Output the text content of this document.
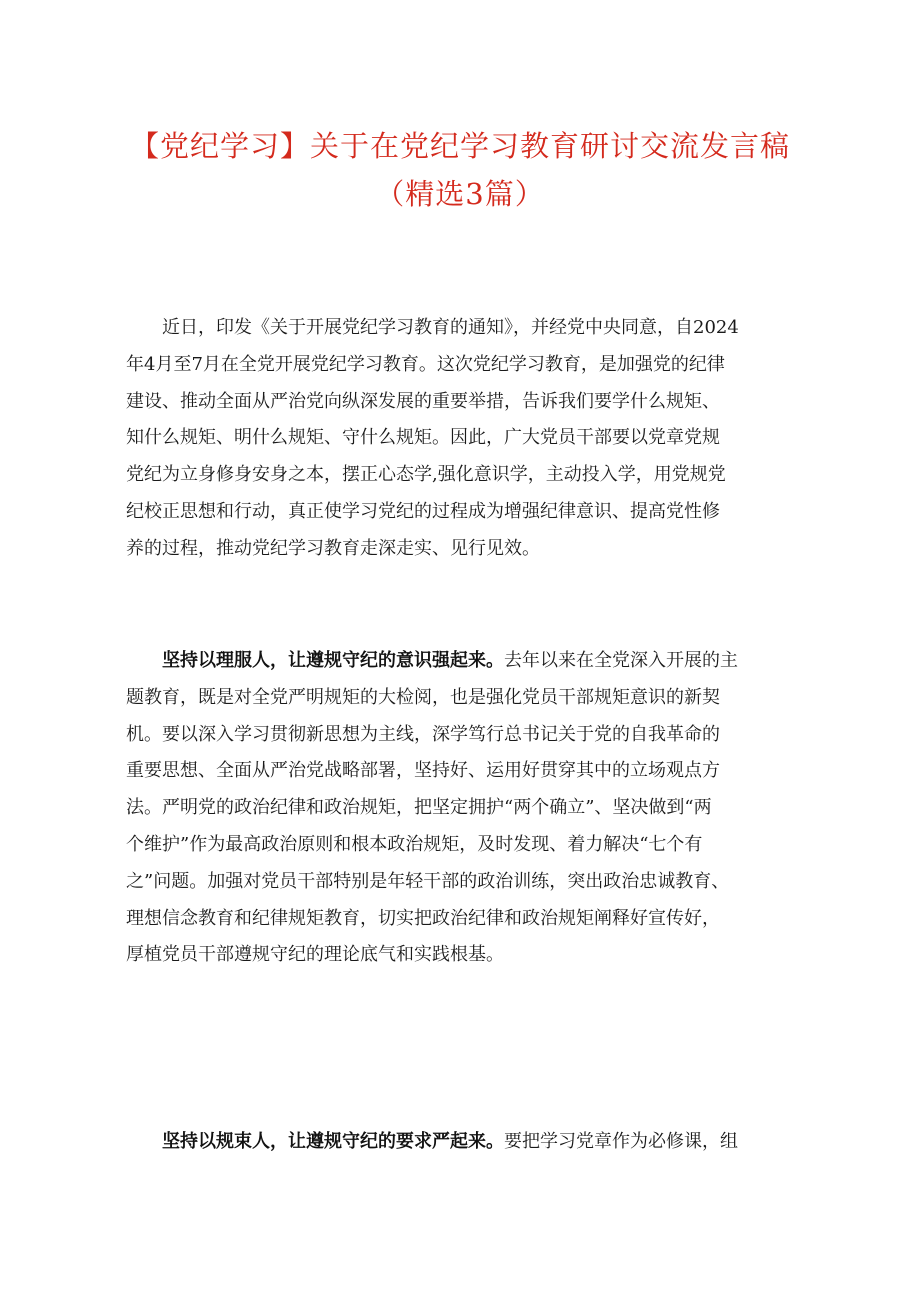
【党纪学习】关于在党纪学习教育研讨交流发言稿
（精选3篇）
近日，印发《关于开展党纪学习教育的通知》，并经党中央同意，自2024
年4月至7月在全党开展党纪学习教育。这次党纪学习教育，是加强党的纪律
建设、推动全面从严治党向纵深发展的重要举措，告诉我们要学什么规矩、
知什么规矩、明什么规矩、守什么规矩。因此，广大党员干部要以党章党规
党纪为立身修身安身之本，摆正心态学,强化意识学，主动投入学，用党规党
纪校正思想和行动，真正使学习党纪的过程成为增强纪律意识、提高党性修
养的过程，推动党纪学习教育走深走实、见行见效。
坚持以理服人，让遵规守纪的意识强起来。去年以来在全党深入开展的主
题教育，既是对全党严明规矩的大检阅，也是强化党员干部规矩意识的新契
机。要以深入学习贯彻新思想为主线，深学笃行总书记关于党的自我革命的
重要思想、全面从严治党战略部署，坚持好、运用好贯穿其中的立场观点方
法。严明党的政治纪律和政治规矩，把坚定拥护“两个确立”、坚决做到“两
个维护”作为最高政治原则和根本政治规矩，及时发现、着力解决“七个有
之”问题。加强对党员干部特别是年轻干部的政治训练，突出政治忠诚教育、
理想信念教育和纪律规矩教育，切实把政治纪律和政治规矩阐释好宣传好，
厚植党员干部遵规守纪的理论底气和实践根基。
坚持以规束人，让遵规守纪的要求严起来。要把学习党章作为必修课，组
